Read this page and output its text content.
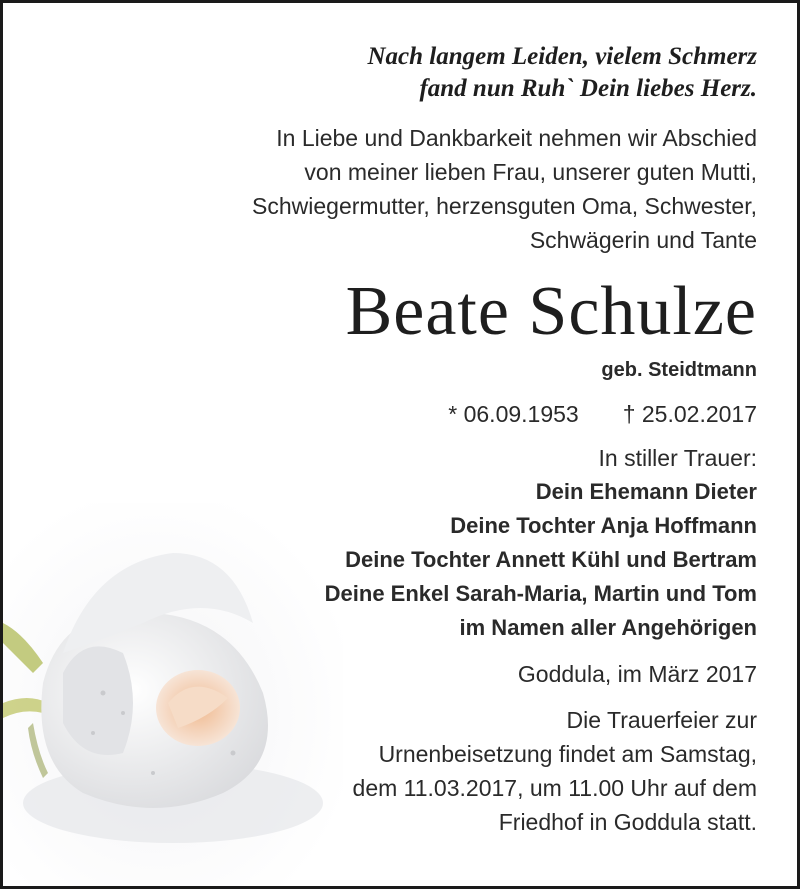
Nach langem Leiden, vielem Schmerz
fand nun Ruh` Dein liebes Herz.
In Liebe und Dankbarkeit nehmen wir Abschied
von meiner lieben Frau, unserer guten Mutti,
Schwiegermutter, herzensguten Oma, Schwester,
Schwägerin und Tante
Beate Schulze
geb. Steidtmann
* 06.09.1953 † 25.02.2017
In stiller Trauer:
Dein Ehemann Dieter
Deine Tochter Anja Hoffmann
Deine Tochter Annett Kühl und Bertram
Deine Enkel Sarah-Maria, Martin und Tom
im Namen aller Angehörigen
Goddula, im März 2017
Die Trauerfeier zur
Urnenbeisetzung findet am Samstag,
dem 11.03.2017, um 11.00 Uhr auf dem
Friedhof in Goddula statt.
